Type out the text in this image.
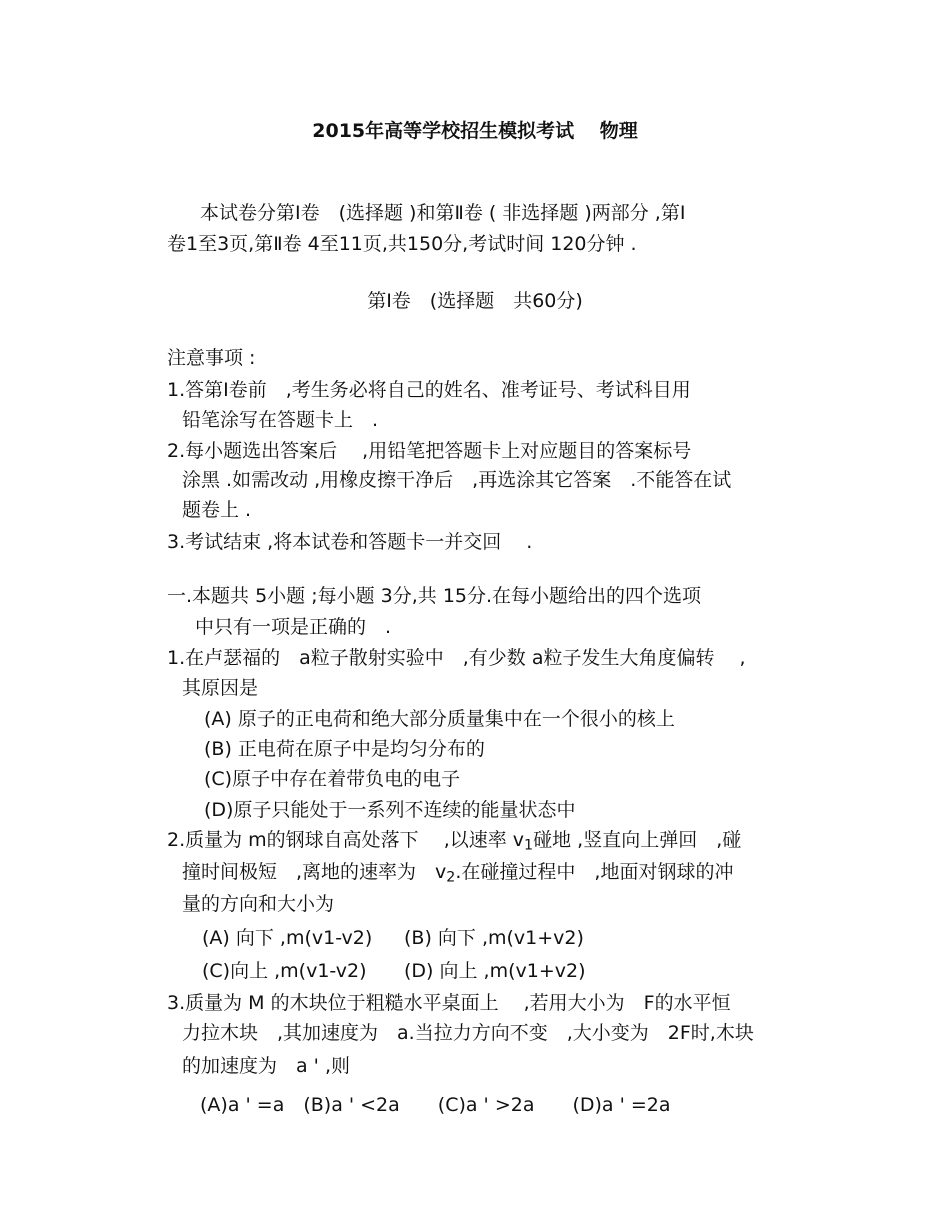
2015年高等学校招生模拟考试　 物理
本试卷分第Ⅰ卷　(选择题 )和第Ⅱ卷 ( 非选择题 )两部分 ,第Ⅰ
卷1至3页,第Ⅱ卷 4至11页,共150分,考试时间 120分钟 .
第Ⅰ卷　(选择题　共60分)
注意事项 :
1.答第Ⅰ卷前　,考生务必将自己的姓名、准考证号、考试科目用
铅笔涂写在答题卡上　.
2.每小题选出答案后　 ,用铅笔把答题卡上对应题目的答案标号
涂黑 .如需改动 ,用橡皮擦干净后　,再选涂其它答案　.不能答在试
题卷上 .
3.考试结束 ,将本试卷和答题卡一并交回　 .
一.本题共 5小题 ;每小题 3分,共 15分.在每小题给出的四个选项
中只有一项是正确的　.
1.在卢瑟福的　a粒子散射实验中　,有少数 a粒子发生大角度偏转　 ,
其原因是
(A) 原子的正电荷和绝大部分质量集中在一个很小的核上
(B) 正电荷在原子中是均匀分布的
(C)原子中存在着带负电的电子
(D)原子只能处于一系列不连续的能量状态中
2.质量为 m的钢球自高处落下　 ,以速率 $v_1$碰地 ,竖直向上弹回　,碰
撞时间极短　,离地的速率为　$v_2$.在碰撞过程中　,地面对钢球的冲
量的方向和大小为
(A) 向下 ,m(v1-v2) (B) 向下 ,m(v1+v2)
(C)向上 ,m(v1-v2) (D) 向上 ,m(v1+v2)
3.质量为 M 的木块位于粗糙水平桌面上　 ,若用大小为　F的水平恒
力拉木块　,其加速度为　a.当拉力方向不变　,大小变为　2F时,木块
的加速度为　a ' ,则
(A)a ' =a　(B)a ' <2a　　(C)a ' >2a　　(D)a ' =2a
